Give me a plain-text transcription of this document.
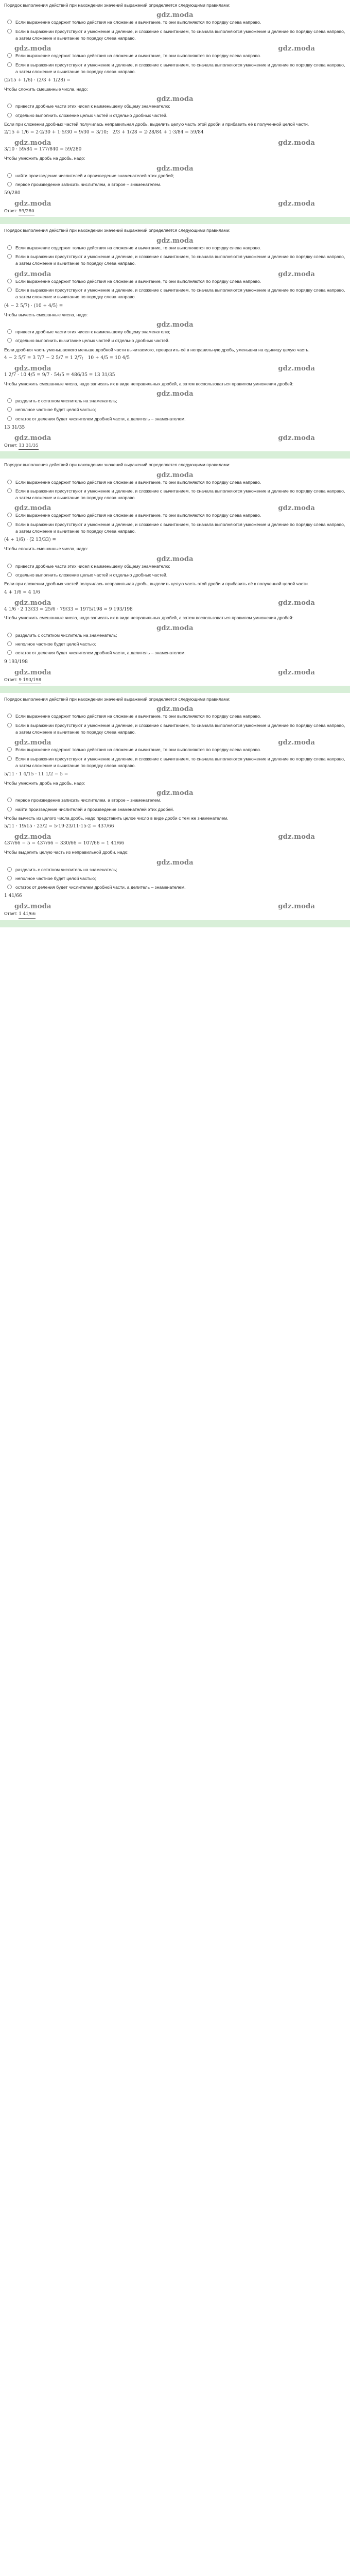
Порядок выполнения действий при нахождении значений выражений определяется следующими правилами:

gdz.moda
Если выражение содержит только действия на сложение и вычитание, то они выполняются по порядку слева направо.
Если в выражении присутствуют и умножение и деление, и сложение с вычитанием, то сначала выполняются умножение и деление по порядку слева направо, а затем сложение и вычитание по порядку слева направо.
gdz.moda	gdz.moda
Если выражение содержит только действия на сложение и вычитание, то они выполняются по порядку слева направо.
Если в выражении присутствуют и умножение и деление, и сложение с вычитанием, то сначала выполняются умножение и деление по порядку слева направо, а затем сложение и вычитание по порядку слева направо.
(2/15 + 1/6) · (2/3 + 1/28) =

Чтобы сложить смешанные числа, надо:

gdz.moda
привести дробные части этих чисел к наименьшему общему знаменателю;
отдельно выполнить сложение целых частей и отдельно дробных частей.

Если при сложении дробных частей получилась неправильная дробь, выделить целую часть этой дроби и прибавить её к полученной целой части.

2/15 + 1/6 = 2·2/30 + 1·5/30 = 9/30 = 3/10;   2/3 + 1/28 = 2·28/84 + 1·3/84 = 59/84
gdz.moda	gdz.moda
3/10 · 59/84 = 177/840 = 59/280

Чтобы умножить дробь на дробь, надо:

gdz.moda
найти произведение числителей и произведение знаменателей этих дробей;
первое произведение записать числителем, а второе – знаменателем.
59/280
gdz.moda	gdz.moda
Ответ: 59/280

Порядок выполнения действий при нахождении значений выражений определяется следующими правилами:

gdz.moda
Если выражение содержит только действия на сложение и вычитание, то они выполняются по порядку слева направо.
Если в выражении присутствуют и умножение и деление, и сложение с вычитанием, то сначала выполняются умножение и деление по порядку слева направо, а затем сложение и вычитание по порядку слева направо.
gdz.moda	gdz.moda
Если выражение содержит только действия на сложение и вычитание, то они выполняются по порядку слева направо.
Если в выражении присутствуют и умножение и деление, и сложение с вычитанием, то сначала выполняются умножение и деление по порядку слева направо, а затем сложение и вычитание по порядку слева направо.
(4 − 2 5/7) · (10 + 4/5) =

Чтобы вычесть смешанные числа, надо:

gdz.moda
привести дробные части этих чисел к наименьшему общему знаменателю;
отдельно выполнить вычитание целых частей и отдельно дробных частей.

Если дробная часть уменьшаемого меньше дробной части вычитаемого, превратить её в неправильную дробь, уменьшив на единицу целую часть.

4 − 2 5/7 = 3 7/7 − 2 5/7 = 1 2/7;   10 + 4/5 = 10 4/5
gdz.moda	gdz.moda
1 2/7 · 10 4/5 = 9/7 · 54/5 = 486/35 = 13 31/35

Чтобы умножить смешанные числа, надо записать их в виде неправильных дробей, а затем воспользоваться правилом умножения дробей:

gdz.moda
разделить с остатком числитель на знаменатель;
неполное частное будет целой частью;
остаток от деления будет числителем дробной части, а делитель – знаменателем.
13 31/35
gdz.moda	gdz.moda
Ответ: 13 31/35

Порядок выполнения действий при нахождении значений выражений определяется следующими правилами:

gdz.moda
Если выражение содержит только действия на сложение и вычитание, то они выполняются по порядку слева направо.
Если в выражении присутствуют и умножение и деление, и сложение с вычитанием, то сначала выполняются умножение и деление по порядку слева направо, а затем сложение и вычитание по порядку слева направо.
gdz.moda	gdz.moda
Если выражение содержит только действия на сложение и вычитание, то они выполняются по порядку слева направо.
Если в выражении присутствуют и умножение и деление, и сложение с вычитанием, то сначала выполняются умножение и деление по порядку слева направо, а затем сложение и вычитание по порядку слева направо.
(4 + 1/6) · (2 13/33) =

Чтобы сложить смешанные числа, надо:

gdz.moda
привести дробные части этих чисел к наименьшему общему знаменателю;
отдельно выполнить сложение целых частей и отдельно дробных частей.

Если при сложении дробных частей получилась неправильная дробь, выделить целую часть этой дроби и прибавить её к полученной целой части.

4 + 1/6 = 4 1/6
gdz.moda	gdz.moda
4 1/6 · 2 13/33 = 25/6 · 79/33 = 1975/198 = 9 193/198

Чтобы умножить смешанные числа, надо записать их в виде неправильных дробей, а затем воспользоваться правилом умножения дробей:

gdz.moda
разделить с остатком числитель на знаменатель;
неполное частное будет целой частью;
остаток от деления будет числителем дробной части, а делитель – знаменателем.
9 193/198
gdz.moda	gdz.moda
Ответ: 9 193/198

Порядок выполнения действий при нахождении значений выражений определяется следующими правилами:

gdz.moda
Если выражение содержит только действия на сложение и вычитание, то они выполняются по порядку слева направо.
Если в выражении присутствуют и умножение и деление, и сложение с вычитанием, то сначала выполняются умножение и деление по порядку слева направо, а затем сложение и вычитание по порядку слева направо.
gdz.moda	gdz.moda
Если выражение содержит только действия на сложение и вычитание, то они выполняются по порядку слева направо.
Если в выражении присутствуют и умножение и деление, и сложение с вычитанием, то сначала выполняются умножение и деление по порядку слева направо, а затем сложение и вычитание по порядку слева направо.
5/11 · 1 4/15 · 11 1/2 − 5 =

Чтобы умножить дробь на дробь, надо:

gdz.moda
первое произведение записать числителем, а второе – знаменателем.
найти произведение числителей и произведение знаменателей этих дробей.

Чтобы вычесть из целого числа дробь, надо представить целое число в виде дроби с тем же знаменателем.

5/11 · 19/15 · 23/2 = 5·19·23/11·15·2 = 437/66
gdz.moda	gdz.moda
437/66 − 5 = 437/66 − 330/66 = 107/66 = 1 41/66

Чтобы выделить целую часть из неправильной дроби, надо:

gdz.moda
разделить с остатком числитель на знаменатель;
неполное частное будет целой частью;
остаток от деления будет числителем дробной части, а делитель – знаменателем.
1 41/66
gdz.moda	gdz.moda
Ответ: 1 41/66
